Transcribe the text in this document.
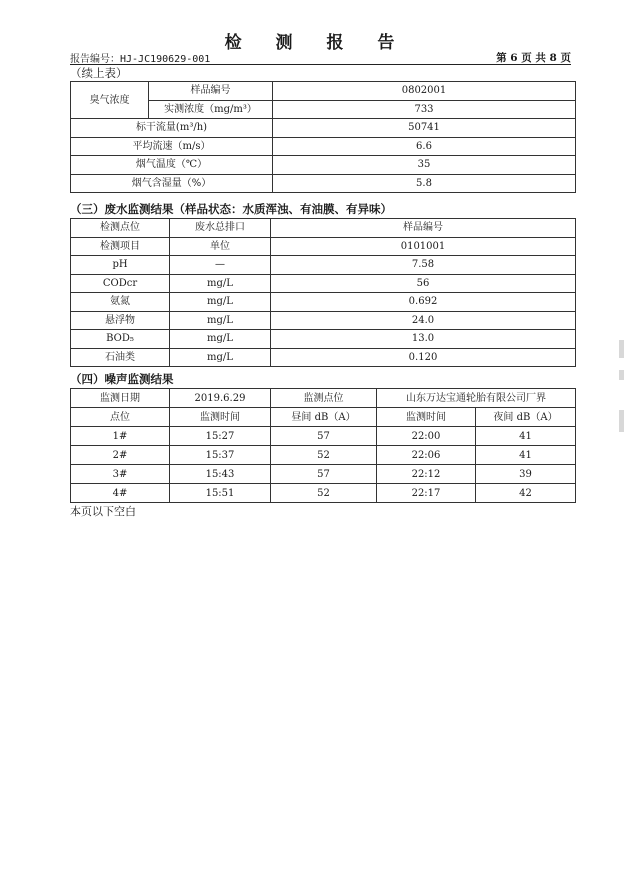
检 测 报 告
报告编号：HJ-JC190629-001	第 6 页 共 8 页
（续上表）
臭气浓度	样品编号	0802001
	实测浓度（mg/m³）	733
标干流量(m³/h)		50741
平均流速（m/s）		6.6
烟气温度（℃）		35
烟气含湿量（%）		5.8
（三）废水监测结果（样品状态：水质浑浊、有油膜、有异味）
检测点位	废水总排口	样品编号
检测项目	单位	0101001
pH	—	7.58
CODcr	mg/L	56
氨氮	mg/L	0.692
悬浮物	mg/L	24.0
BOD₅	mg/L	13.0
石油类	mg/L	0.120
（四）噪声监测结果
监测日期	2019.6.29	监测点位	山东万达宝通轮胎有限公司厂界	
点位	监测时间	昼间 dB（A）	监测时间	夜间 dB（A）
1#	15:27	57	22:00	41
2#	15:37	52	22:06	41
3#	15:43	57	22:12	39
4#	15:51	52	22:17	42
本页以下空白
